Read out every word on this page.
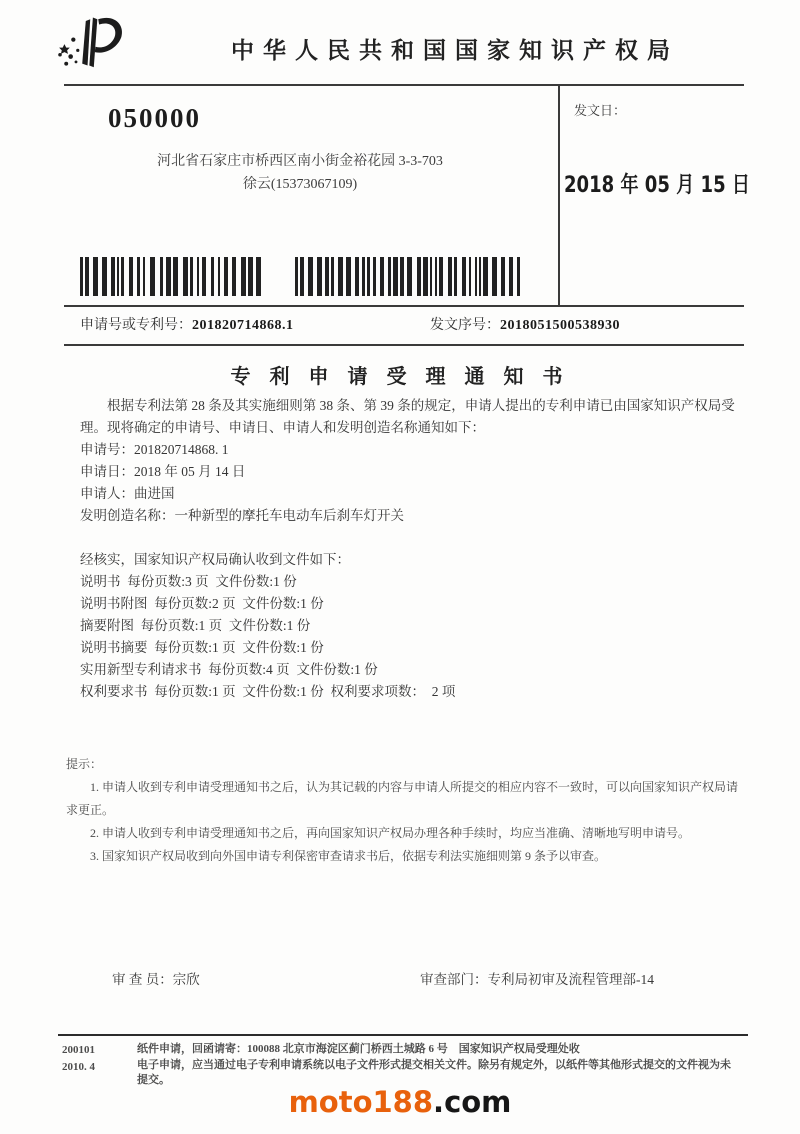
中华人民共和国国家知识产权局
050000
河北省石家庄市桥西区南小街金裕花园 3-3-703
徐云(15373067109)
发文日：
2018 年 05 月 15 日
申请号或专利号：201820714868.1	发文序号：2018051500538930
专 利 申 请 受 理 通 知 书

根据专利法第 28 条及其实施细则第 38 条、第 39 条的规定，申请人提出的专利申请已由国家知识产权局受理。现将确定的申请号、申请日、申请人和发明创造名称通知如下：

申请号：201820714868. 1
申请日：2018 年 05 月 14 日
申请人：曲进国
发明创造名称：一种新型的摩托车电动车后刹车灯开关
经核实，国家知识产权局确认收到文件如下：
说明书  每份页数:3 页  文件份数:1 份
说明书附图  每份页数:2 页  文件份数:1 份
摘要附图  每份页数:1 页  文件份数:1 份
说明书摘要  每份页数:1 页  文件份数:1 份
实用新型专利请求书  每份页数:4 页  文件份数:1 份
权利要求书  每份页数:1 页  文件份数:1 份  权利要求项数：  2 项
提示：

1. 申请人收到专利申请受理通知书之后，认为其记载的内容与申请人所提交的相应内容不一致时，可以向国家知识产权局请求更正。

2. 申请人收到专利申请受理通知书之后，再向国家知识产权局办理各种手续时，均应当准确、清晰地写明申请号。

3. 国家知识产权局收到向外国申请专利保密审查请求书后，依据专利法实施细则第 9 条予以审查。

审 查 员：宗欣	审查部门：专利局初审及流程管理部-14
200101
2010. 4

纸件申请，回函请寄：100088 北京市海淀区蓟门桥西土城路 6 号　国家知识产权局受理处收

电子申请，应当通过电子专利申请系统以电子文件形式提交相关文件。除另有规定外，以纸件等其他形式提交的文件视为未提交。

moto188.com
